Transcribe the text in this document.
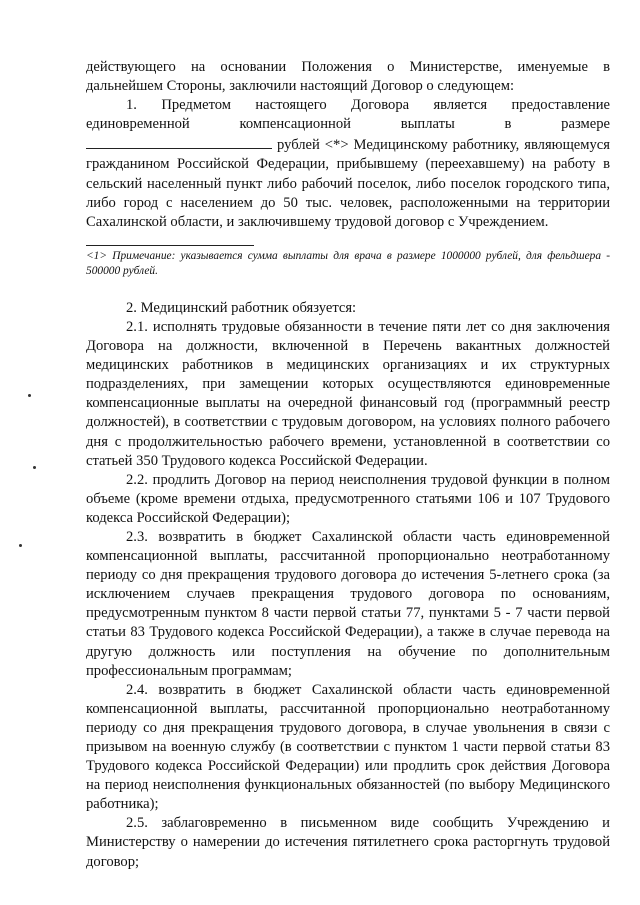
действующего на основании Положения о Министерстве, именуемые в дальнейшем Стороны, заключили настоящий Договор о следующем:

1. Предметом настоящего Договора является предоставление единовременной компенсационной выплаты в размере  рублей <*> Медицинскому работнику, являющемуся гражданином Российской Федерации, прибывшему (переехавшему) на работу в сельский населенный пункт либо рабочий поселок, либо поселок городского типа, либо город с населением до 50 тыс. человек, расположенными на территории Сахалинской области, и заключившему трудовой договор с Учреждением.

<1> Примечание: указывается сумма выплаты для врача в размере 1000000 рублей, для фельдшера - 500000 рублей.

2. Медицинский работник обязуется:

2.1. исполнять трудовые обязанности в течение пяти лет со дня заключения Договора на должности, включенной в Перечень вакантных должностей медицинских работников в медицинских организациях и их структурных подразделениях, при замещении которых осуществляются единовременные компенсационные выплаты на очередной финансовый год (программный реестр должностей), в соответствии с трудовым договором, на условиях полного рабочего дня с продолжительностью рабочего времени, установленной в соответствии со статьей 350 Трудового кодекса Российской Федерации.

2.2. продлить Договор на период неисполнения трудовой функции в полном объеме (кроме времени отдыха, предусмотренного статьями 106 и 107 Трудового кодекса Российской Федерации);

2.3. возвратить в бюджет Сахалинской области часть единовременной компенсационной выплаты, рассчитанной пропорционально неотработанному периоду со дня прекращения трудового договора до истечения 5-летнего срока (за исключением случаев прекращения трудового договора по основаниям, предусмотренным пунктом 8 части первой статьи 77, пунктами 5 - 7 части первой статьи 83 Трудового кодекса Российской Федерации), а также в случае перевода на другую должность или поступления на обучение по дополнительным профессиональным программам;

2.4. возвратить в бюджет Сахалинской области часть единовременной компенсационной выплаты, рассчитанной пропорционально неотработанному периоду со дня прекращения трудового договора, в случае увольнения в связи с призывом на военную службу (в соответствии с пунктом 1 части первой статьи 83 Трудового кодекса Российской Федерации) или продлить срок действия Договора на период неисполнения функциональных обязанностей (по выбору Медицинского работника);

2.5. заблаговременно в письменном виде сообщить Учреждению и Министерству о намерении до истечения пятилетнего срока расторгнуть трудовой договор;
